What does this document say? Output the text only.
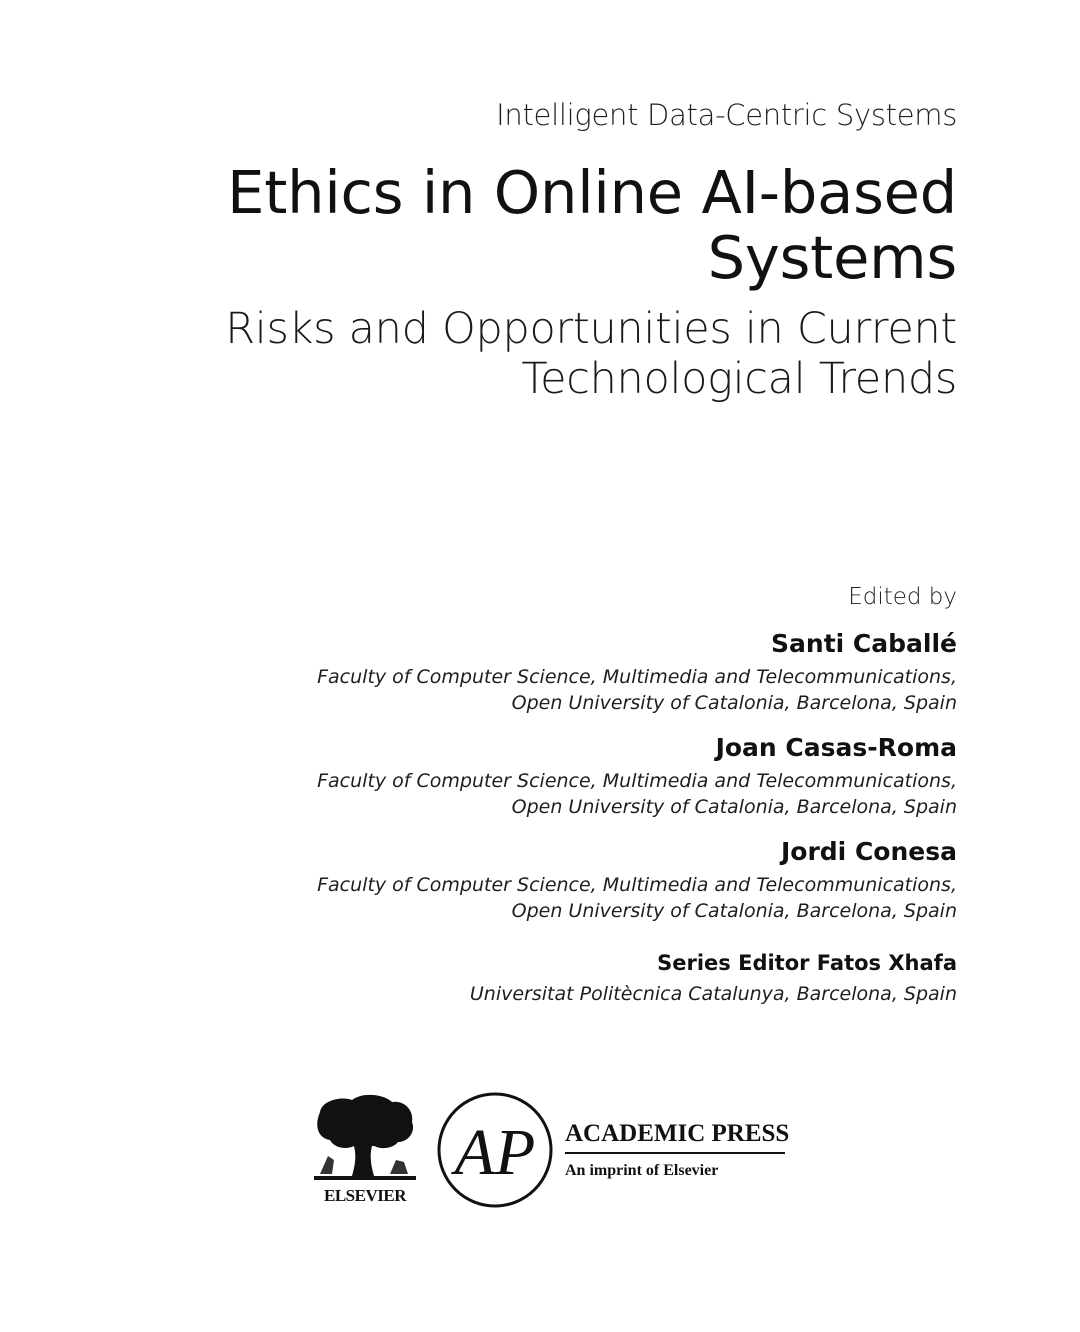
Intelligent Data-Centric Systems
Ethics in Online AI-based
Systems
Risks and Opportunities in Current
Technological Trends
Edited by
Santi Caballé
Faculty of Computer Science, Multimedia and Telecommunications,
Open University of Catalonia, Barcelona, Spain
Joan Casas-Roma
Faculty of Computer Science, Multimedia and Telecommunications,
Open University of Catalonia, Barcelona, Spain
Jordi Conesa
Faculty of Computer Science, Multimedia and Telecommunications,
Open University of Catalonia, Barcelona, Spain
Series Editor Fatos Xhafa
Universitat Politècnica Catalunya, Barcelona, Spain
AP
ELSEVIER
ACADEMIC PRESS
An imprint of Elsevier
